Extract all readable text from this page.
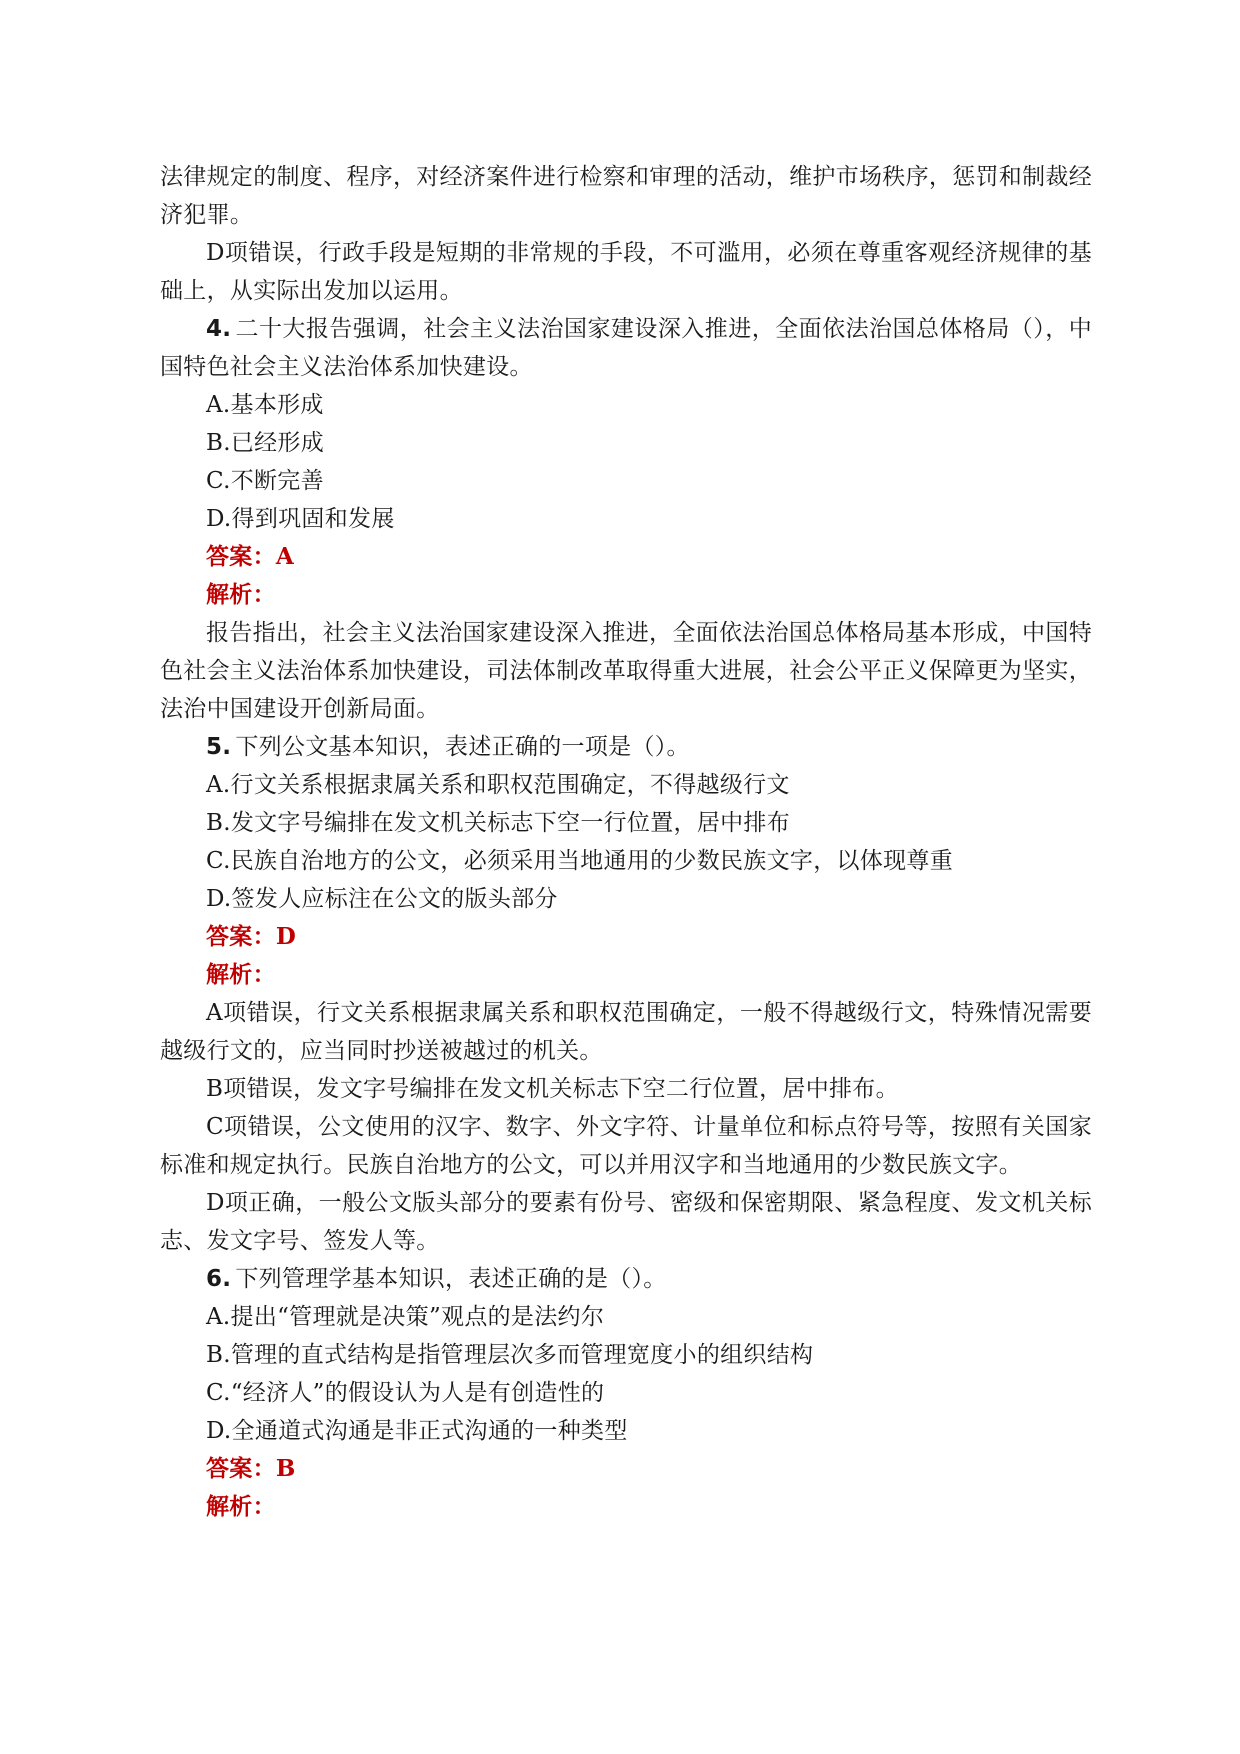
法律规定的制度、程序，对经济案件进行检察和审理的活动，维护市场秩序，惩罚和制裁经济犯罪。

D项错误，行政手段是短期的非常规的手段，不可滥用，必须在尊重客观经济规律的基础上，从实际出发加以运用。

4. 二十大报告强调，社会主义法治国家建设深入推进，全面依法治国总体格局（），中国特色社会主义法治体系加快建设。

A.基本形成

B.已经形成

C.不断完善

D.得到巩固和发展

答案：A

解析：

报告指出，社会主义法治国家建设深入推进，全面依法治国总体格局基本形成，中国特色社会主义法治体系加快建设，司法体制改革取得重大进展，社会公平正义保障更为坚实，法治中国建设开创新局面。

5. 下列公文基本知识，表述正确的一项是（）。

A.行文关系根据隶属关系和职权范围确定，不得越级行文

B.发文字号编排在发文机关标志下空一行位置，居中排布

C.民族自治地方的公文，必须采用当地通用的少数民族文字，以体现尊重

D.签发人应标注在公文的版头部分

答案：D

解析：

A项错误，行文关系根据隶属关系和职权范围确定，一般不得越级行文，特殊情况需要越级行文的，应当同时抄送被越过的机关。

B项错误，发文字号编排在发文机关标志下空二行位置，居中排布。

C项错误，公文使用的汉字、数字、外文字符、计量单位和标点符号等，按照有关国家标准和规定执行。民族自治地方的公文，可以并用汉字和当地通用的少数民族文字。

D项正确，一般公文版头部分的要素有份号、密级和保密期限、紧急程度、发文机关标志、发文字号、签发人等。

6. 下列管理学基本知识，表述正确的是（）。

A.提出“管理就是决策”观点的是法约尔

B.管理的直式结构是指管理层次多而管理宽度小的组织结构

C.“经济人”的假设认为人是有创造性的

D.全通道式沟通是非正式沟通的一种类型

答案：B

解析：
